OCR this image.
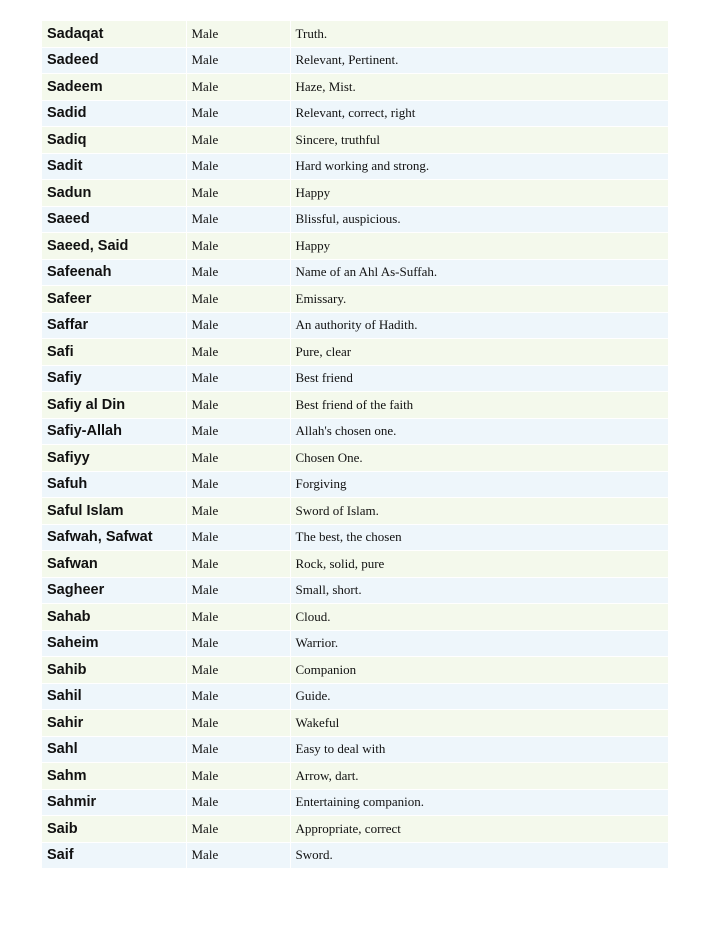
Sadaqat	Male	Truth.
Sadeed	Male	Relevant, Pertinent.
Sadeem	Male	Haze, Mist.
Sadid	Male	Relevant, correct, right
Sadiq	Male	Sincere, truthful
Sadit	Male	Hard working and strong.
Sadun	Male	Happy
Saeed	Male	Blissful, auspicious.
Saeed, Said	Male	Happy
Safeenah	Male	Name of an Ahl As-Suffah.
Safeer	Male	Emissary.
Saffar	Male	An authority of Hadith.
Safi	Male	Pure, clear
Safiy	Male	Best friend
Safiy al Din	Male	Best friend of the faith
Safiy-Allah	Male	Allah's chosen one.
Safiyy	Male	Chosen One.
Safuh	Male	Forgiving
Saful Islam	Male	Sword of Islam.
Safwah, Safwat	Male	The best, the chosen
Safwan	Male	Rock, solid, pure
Sagheer	Male	Small, short.
Sahab	Male	Cloud.
Saheim	Male	Warrior.
Sahib	Male	Companion
Sahil	Male	Guide.
Sahir	Male	Wakeful
Sahl	Male	Easy to deal with
Sahm	Male	Arrow, dart.
Sahmir	Male	Entertaining companion.
Saib	Male	Appropriate, correct
Saif	Male	Sword.
